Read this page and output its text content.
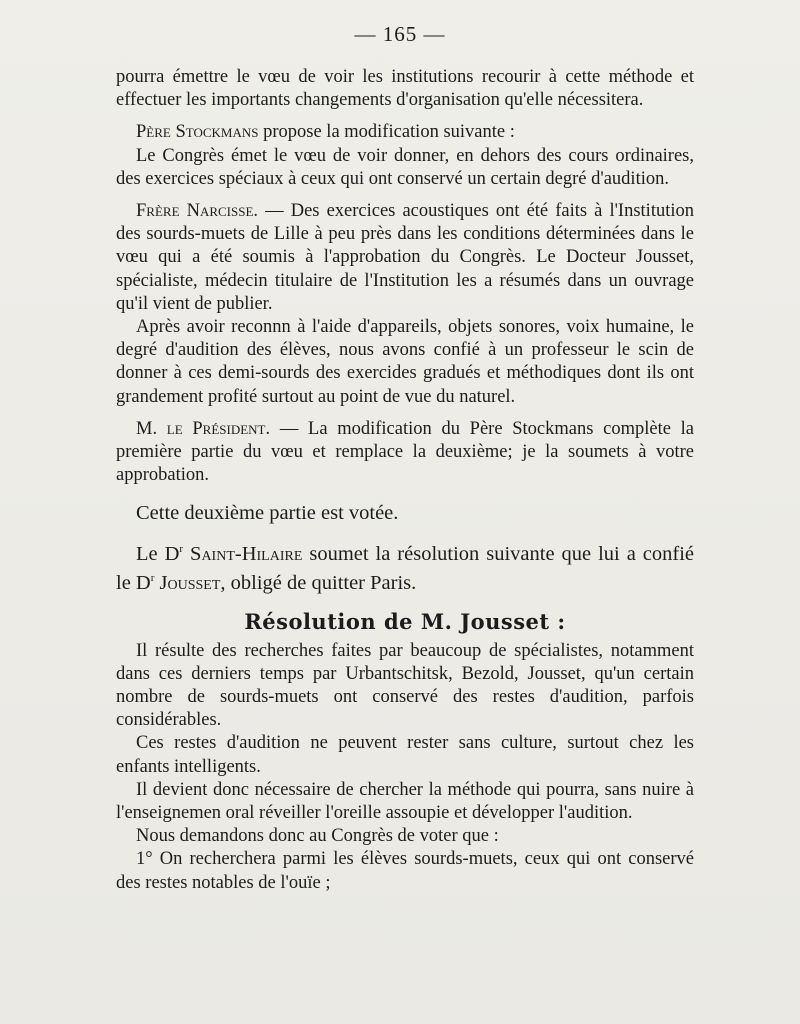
— 165 —

pourra émettre le vœu de voir les institutions recourir à cette méthode et effectuer les importants changements d'organisation qu'elle nécessitera.

Père Stockmans propose la modification suivante :

Le Congrès émet le vœu de voir donner, en dehors des cours ordinaires, des exercices spéciaux à ceux qui ont conservé un certain degré d'audition.

Frère Narcisse. — Des exercices acoustiques ont été faits à l'Institution des sourds-muets de Lille à peu près dans les conditions déterminées dans le vœu qui a été soumis à l'approbation du Congrès. Le Docteur Jousset, spécialiste, médecin titulaire de l'Institution les a résumés dans un ouvrage qu'il vient de publier.

Après avoir reconnn à l'aide d'appareils, objets sonores, voix humaine, le degré d'audition des élèves, nous avons confié à un professeur le scin de donner à ces demi-sourds des exercides gradués et méthodiques dont ils ont grandement profité surtout au point de vue du naturel.

M. le Président. — La modification du Père Stockmans complète la première partie du vœu et remplace la deuxième; je la soumets à votre approbation.

Cette deuxième partie est votée.

Le $D^r$ Saint-Hilaire soumet la résolution suivante que lui a confié le $D^r$ Jousset, obligé de quitter Paris.

Résolution de M. Jousset :

Il résulte des recherches faites par beaucoup de spécialistes, notamment dans ces derniers temps par Urbantschitsk, Bezold, Jousset, qu'un certain nombre de sourds-muets ont conservé des restes d'audition, parfois considérables.

Ces restes d'audition ne peuvent rester sans culture, surtout chez les enfants intelligents.

Il devient donc nécessaire de chercher la méthode qui pourra, sans nuire à l'enseignemen oral réveiller l'oreille assoupie et développer l'audition.

Nous demandons donc au Congrès de voter que :

1° On recherchera parmi les élèves sourds-muets, ceux qui ont conservé des restes notables de l'ouïe ;
